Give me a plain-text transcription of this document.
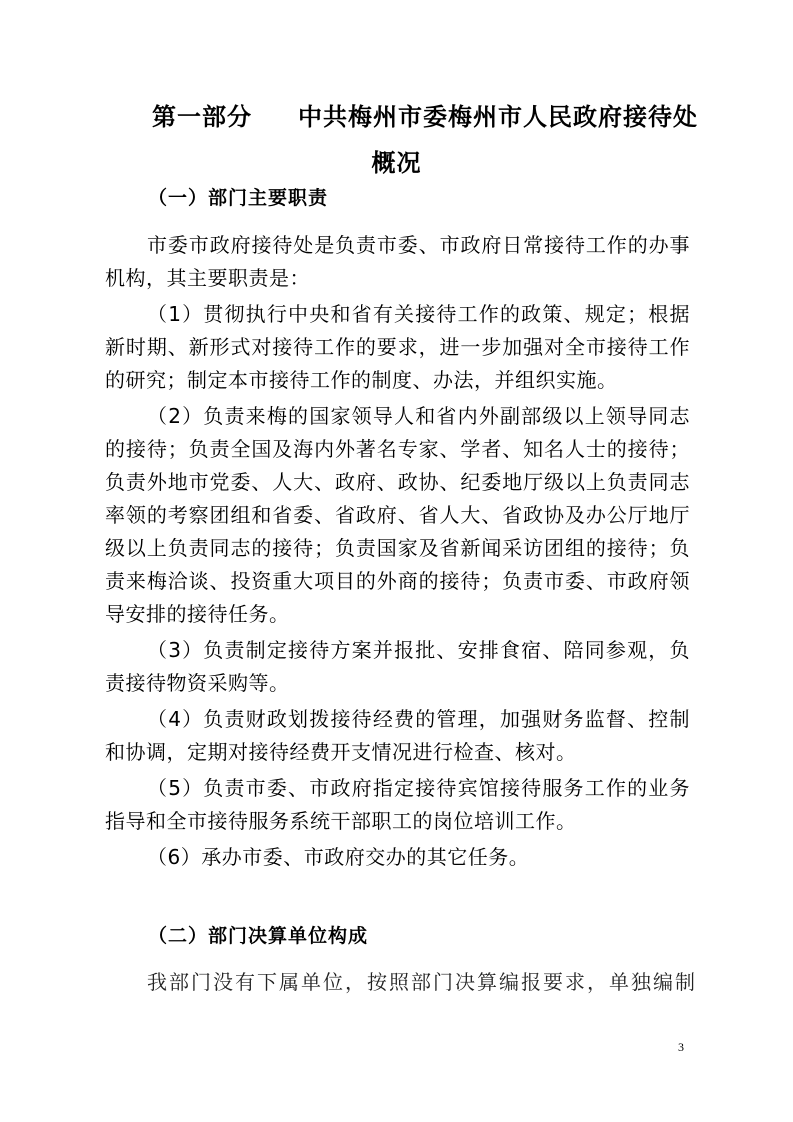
第一部分 中共梅州市委梅州市人民政府接待处
概况
（一）部门主要职责

市委市政府接待处是负责市委、市政府日常接待工作的办事机构，其主要职责是：

（1）贯彻执行中央和省有关接待工作的政策、规定；根据新时期、新形式对接待工作的要求，进一步加强对全市接待工作的研究；制定本市接待工作的制度、办法，并组织实施。

（2）负责来梅的国家领导人和省内外副部级以上领导同志的接待；负责全国及海内外著名专家、学者、知名人士的接待；负责外地市党委、人大、政府、政协、纪委地厅级以上负责同志率领的考察团组和省委、省政府、省人大、省政协及办公厅地厅级以上负责同志的接待；负责国家及省新闻采访团组的接待；负责来梅洽谈、投资重大项目的外商的接待；负责市委、市政府领导安排的接待任务。

（3）负责制定接待方案并报批、安排食宿、陪同参观，负责接待物资采购等。

（4）负责财政划拨接待经费的管理，加强财务监督、控制和协调，定期对接待经费开支情况进行检查、核对。

（5）负责市委、市政府指定接待宾馆接待服务工作的业务指导和全市接待服务系统干部职工的岗位培训工作。

（6）承办市委、市政府交办的其它任务。

（二）部门决算单位构成
我部门没有下属单位，按照部门决算编报要求，单独编制
3
